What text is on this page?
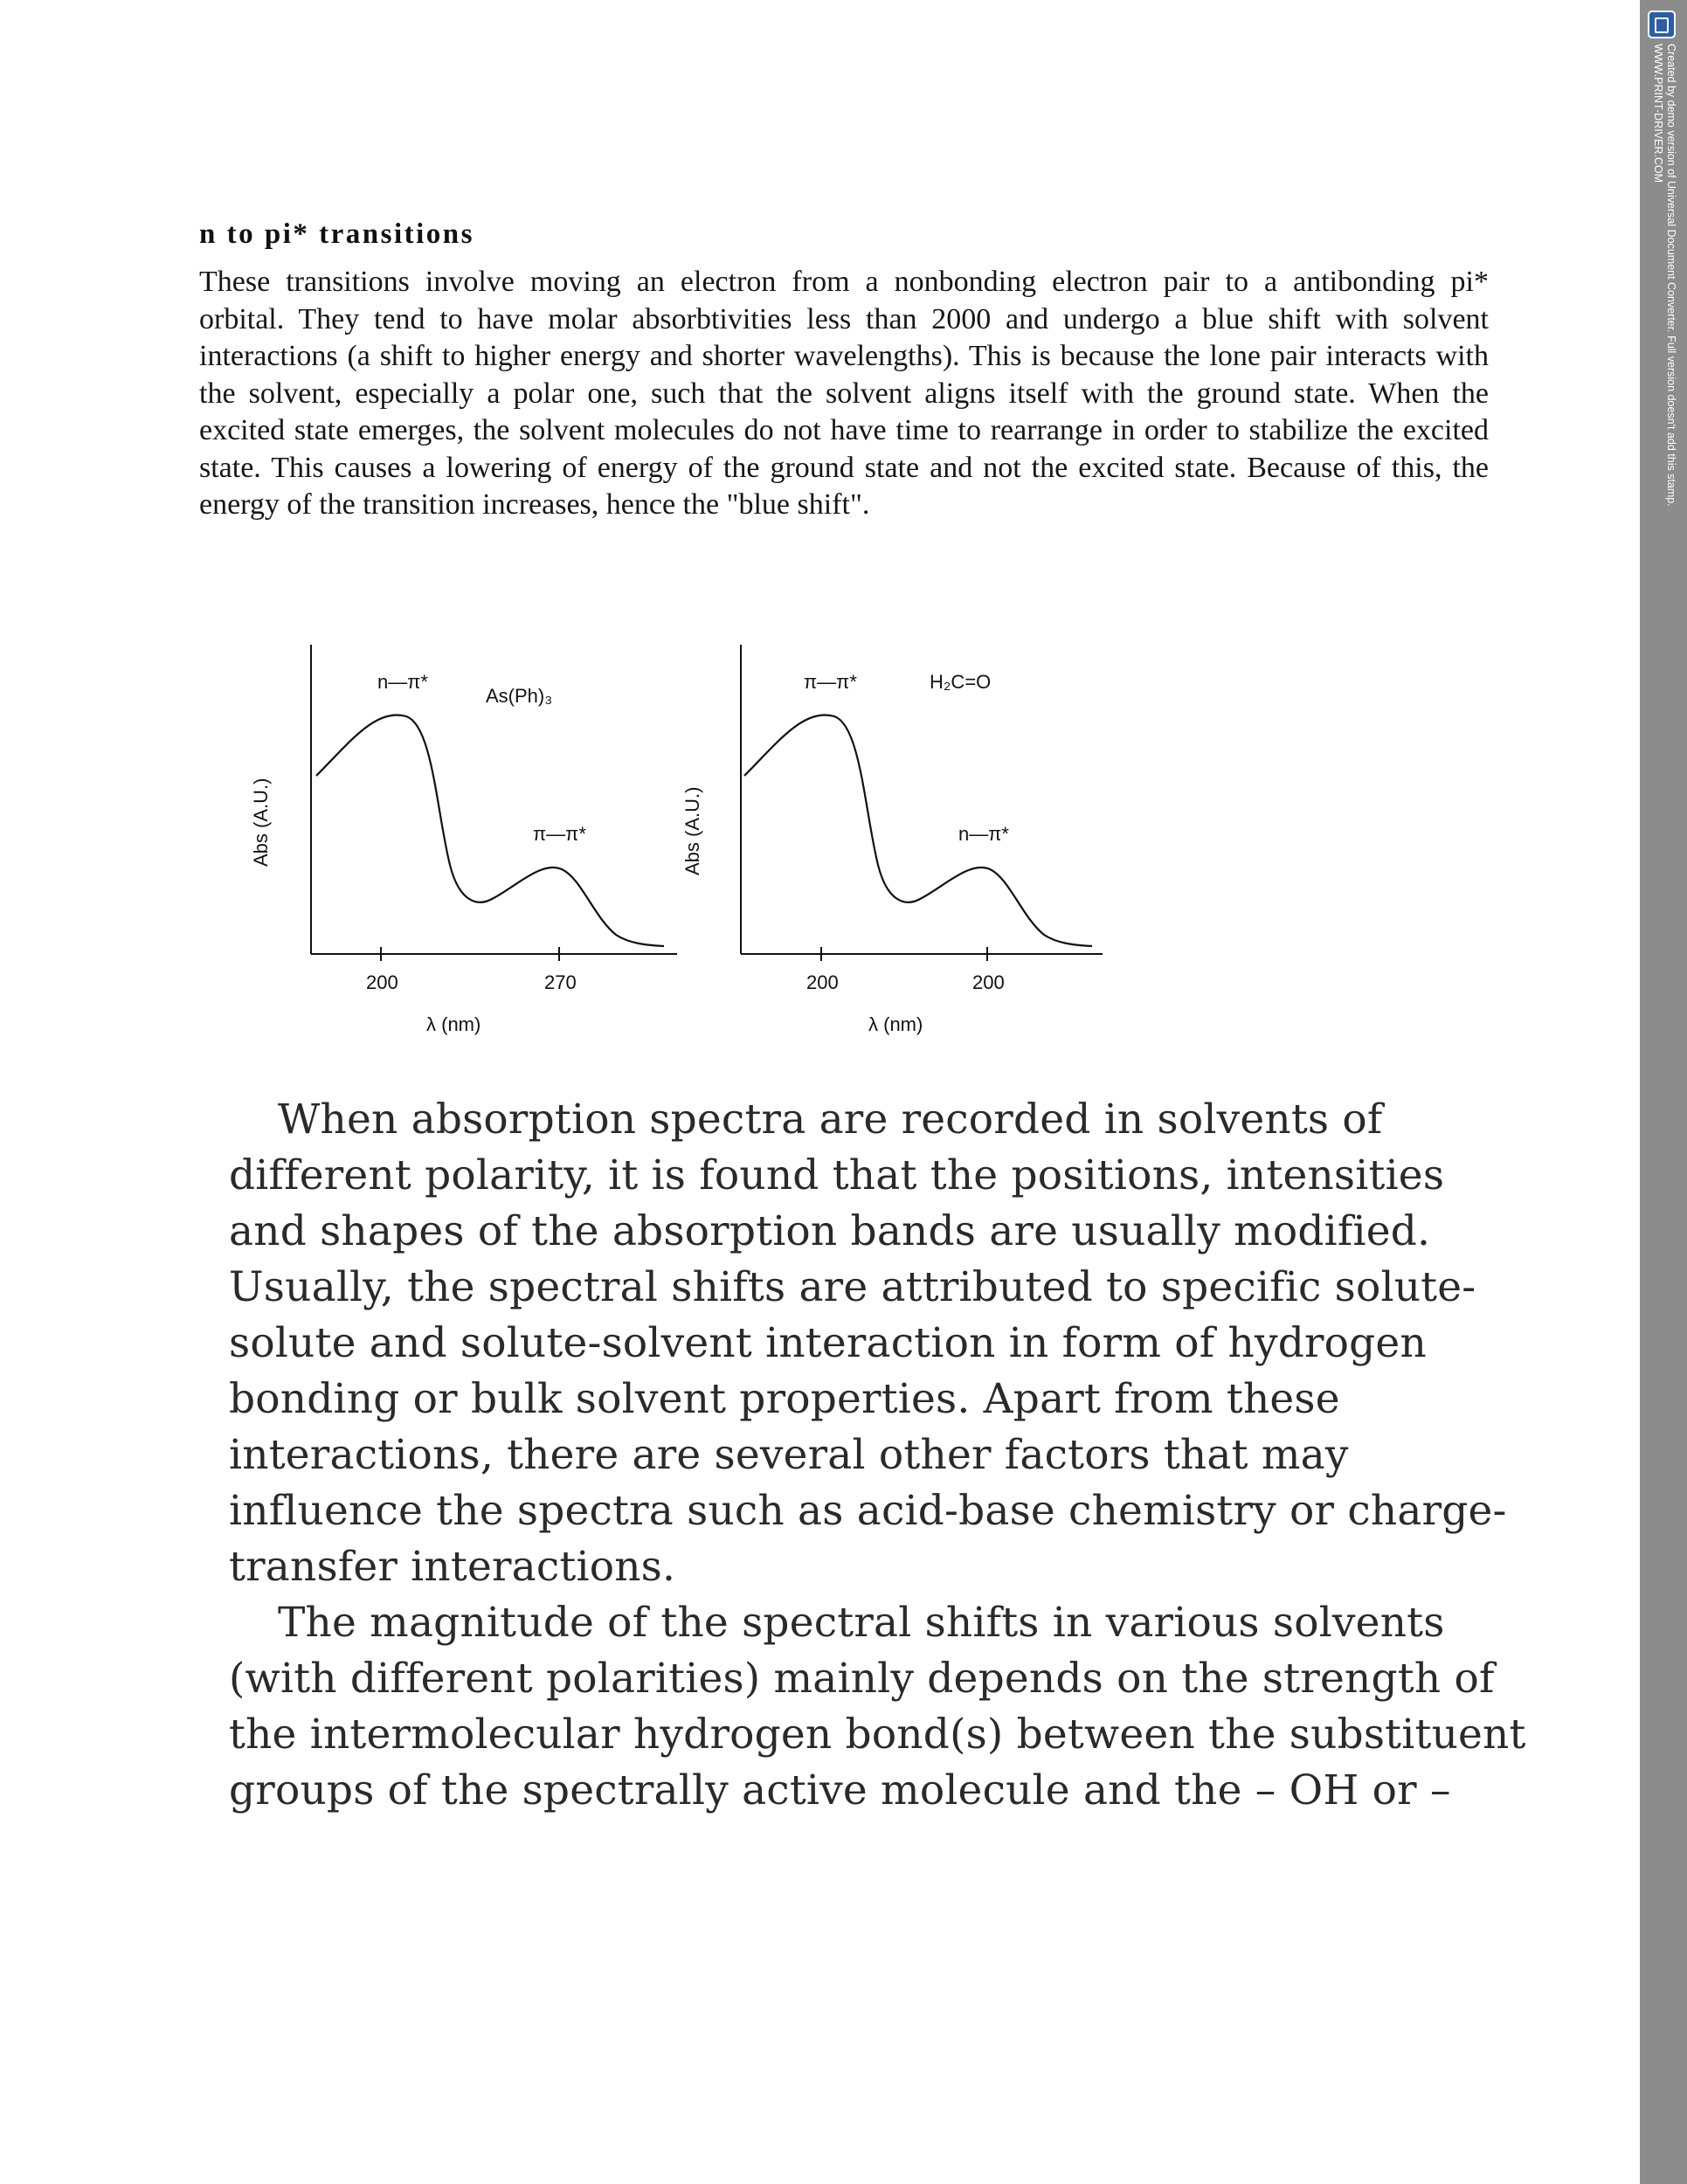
n to pi* transitions
These transitions involve moving an electron from a nonbonding electron pair to a antibonding pi*
orbital. They tend to have molar absorbtivities less than 2000 and undergo a blue shift with solvent
interactions (a shift to higher energy and shorter wavelengths). This is because the lone pair interacts with
the solvent, especially a polar one, such that the solvent aligns itself with the ground state. When the
excited state emerges, the solvent molecules do not have time to rearrange in order to stabilize the excited
state. This causes a lowering of energy of the ground state and not the excited state. Because of this, the
energy of the transition increases, hence the "blue shift".
n—π*
As(Ph)₃
π—π*
200	270
λ (nm)
Abs (A.U.)
π—π*	H₂C=O
n—π*
200	200
λ (nm)
Abs (A.U.)
When absorption spectra are recorded in solvents of
different polarity, it is found that the positions, intensities
and shapes of the absorption bands are usually modified.
Usually, the spectral shifts are attributed to specific solute-
solute and solute-solvent interaction in form of hydrogen
bonding or bulk solvent properties. Apart from these
interactions, there are several other factors that may
influence the spectra such as acid-base chemistry or charge-
transfer interactions.
The magnitude of the spectral shifts in various solvents
(with different polarities) mainly depends on the strength of
the intermolecular hydrogen bond(s) between the substituent
groups of the spectrally active molecule and the – OH or –
Created by demo version of Universal Document Converter. Full version doesn't add this stamp.
WWW.PRINT-DRIVER.COM
